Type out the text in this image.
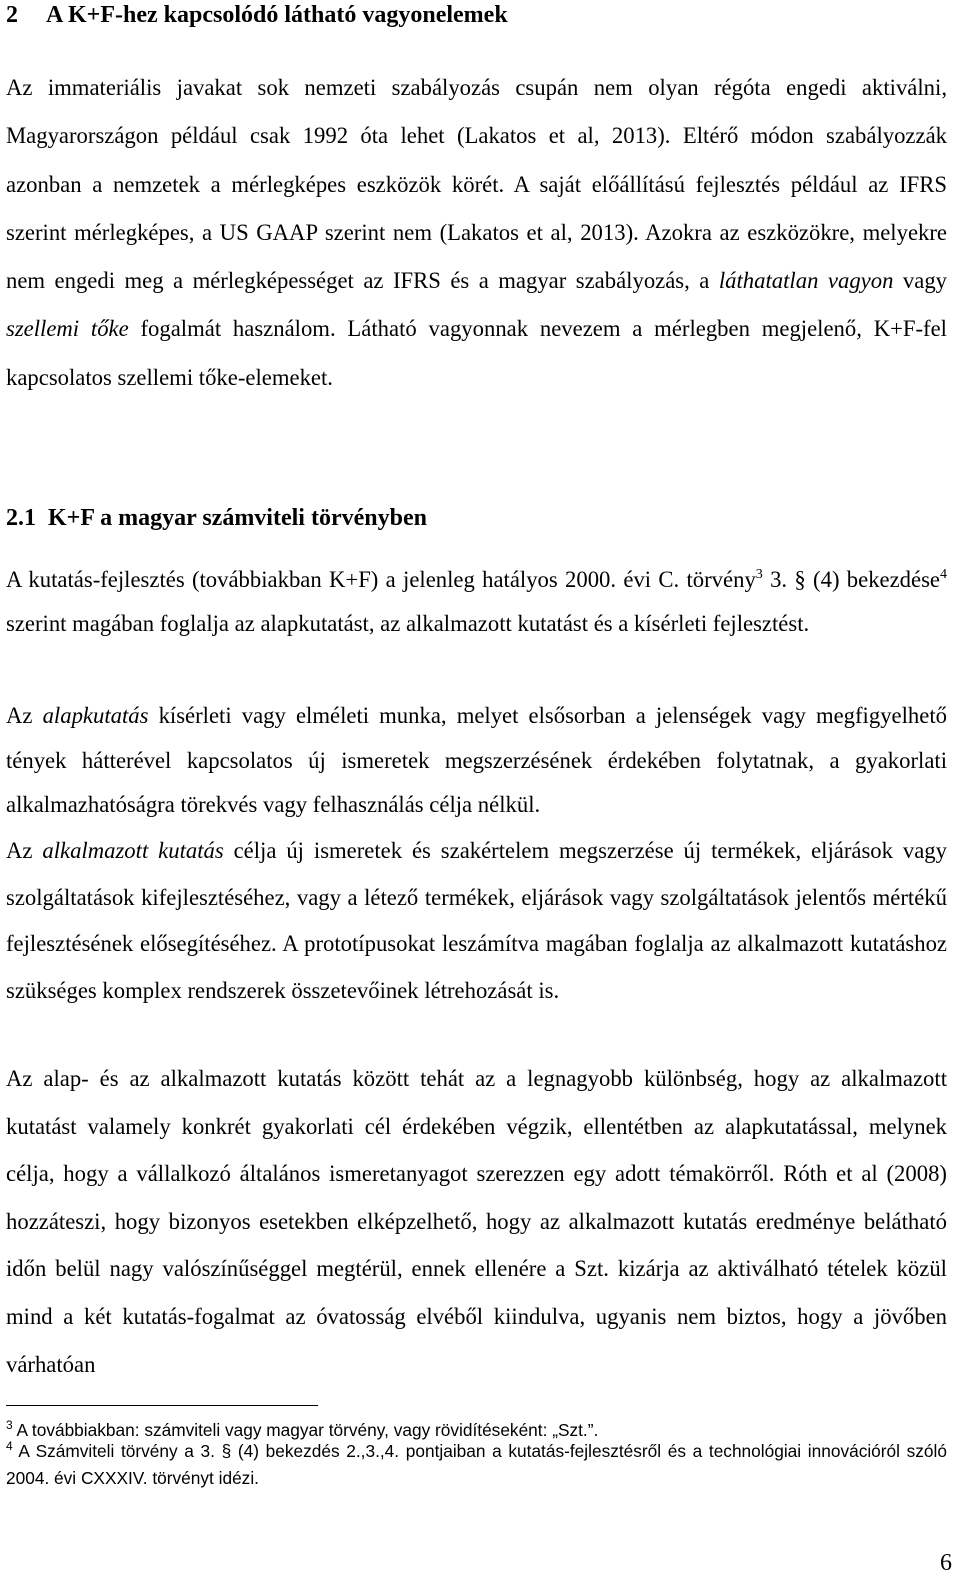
2 A K+F-hez kapcsolódó látható vagyonelemek

Az immateriális javakat sok nemzeti szabályozás csupán nem olyan régóta engedi aktiválni, Magyarországon például csak 1992 óta lehet (Lakatos et al, 2013). Eltérő módon szabályozzák azonban a nemzetek a mérlegképes eszközök körét. A saját előállítású fejlesztés például az IFRS szerint mérlegképes, a US GAAP szerint nem (Lakatos et al, 2013). Azokra az eszközökre, melyekre nem engedi meg a mérlegképességet az IFRS és a magyar szabályozás, a láthatatlan vagyon vagy szellemi tőke fogalmát használom. Látható vagyonnak nevezem a mérlegben megjelenő, K+F-fel kapcsolatos szellemi tőke-elemeket.

2.1 K+F a magyar számviteli törvényben

A kutatás-fejlesztés (továbbiakban K+F) a jelenleg hatályos 2000. évi C. törvény$^3$ 3. § (4) bekezdése$^4$ szerint magában foglalja az alapkutatást, az alkalmazott kutatást és a kísérleti fejlesztést.

Az alapkutatás kísérleti vagy elméleti munka, melyet elsősorban a jelenségek vagy megfigyelhető tények hátterével kapcsolatos új ismeretek megszerzésének érdekében folytatnak, a gyakorlati alkalmazhatóságra törekvés vagy felhasználás célja nélkül.

Az alkalmazott kutatás célja új ismeretek és szakértelem megszerzése új termékek, eljárások vagy szolgáltatások kifejlesztéséhez, vagy a létező termékek, eljárások vagy szolgáltatások jelentős mértékű fejlesztésének elősegítéséhez. A prototípusokat leszámítva magában foglalja az alkalmazott kutatáshoz szükséges komplex rendszerek összetevőinek létrehozását is.

Az alap- és az alkalmazott kutatás között tehát az a legnagyobb különbség, hogy az alkalmazott kutatást valamely konkrét gyakorlati cél érdekében végzik, ellentétben az alapkutatással, melynek célja, hogy a vállalkozó általános ismeretanyagot szerezzen egy adott témakörről. Róth et al (2008) hozzáteszi, hogy bizonyos esetekben elképzelhető, hogy az alkalmazott kutatás eredménye belátható időn belül nagy valószínűséggel megtérül, ennek ellenére a Szt. kizárja az aktiválható tételek közül mind a két kutatás-fogalmat az óvatosság elvéből kiindulva, ugyanis nem biztos, hogy a jövőben várhatóan

$^3$ A továbbiakban: számviteli vagy magyar törvény, vagy rövidítéseként: „Szt.”.

$^4$ A Számviteli törvény a 3. § (4) bekezdés 2.,3.,4. pontjaiban a kutatás-fejlesztésről és a technológiai innovációról szóló 2004. évi CXXXIV. törvényt idézi.

6
